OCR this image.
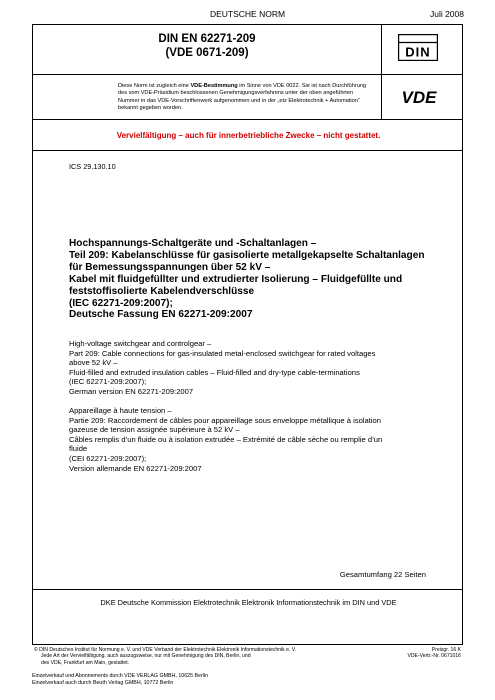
DEUTSCHE NORM	Juli 2008
DIN EN 62271-209
(VDE 0671-209)	DIN
VDE
Diese Norm ist zugleich eine VDE-Bestimmung im Sinne von VDE 0022. Sie ist nach Durchführung des vom VDE-Präsidium beschlossenen Genehmigungsverfahrens unter der oben angeführten Nummer in das VDE-Vorschriftenwerk aufgenommen und in der „etz Elektrotechnik + Automation“ bekannt gegeben worden.
Vervielfältigung – auch für innerbetriebliche Zwecke – nicht gestattet.
ICS 29.130.10
Hochspannungs-Schaltgeräte und -Schaltanlagen –
Teil 209: Kabelanschlüsse für gasisolierte metallgekapselte Schaltanlagen
für Bemessungsspannungen über 52 kV –
Kabel mit fluidgefüllter und extrudierter Isolierung – Fluidgefüllte und
feststoffisolierte Kabelendverschlüsse
(IEC 62271-209:2007);
Deutsche Fassung EN 62271-209:2007
High-voltage switchgear and controlgear –
Part 209: Cable connections for gas-insulated metal-enclosed switchgear for rated voltages
above 52 kV –
Fluid-filled and extruded insulation cables – Fluid-filled and dry-type cable-terminations
(IEC 62271-209:2007);
German version EN 62271-209:2007
Appareillage à haute tension –
Partie 209: Raccordement de câbles pour appareillage sous enveloppe métallique à isolation
gazeuse de tension assignée supérieure à 52 kV –
Câbles remplis d’un fluide ou à isolation extrudée – Extrémité de câble sèche ou remplie d’un
fluide
(CEI 62271-209:2007);
Version allemande EN 62271-209:2007
Gesamtumfang 22 Seiten
DKE Deutsche Kommission Elektrotechnik Elektronik Informationstechnik im DIN und VDE
© DIN Deutsches Institut für Normung e. V. und VDE Verband der Elektrotechnik Elektronik Informationstechnik e. V.
Jede Art der Vervielfältigung, auch auszugsweise, nur mit Genehmigung des DIN, Berlin, und
des VDE, Frankfurt am Main, gestattet.
Preisgr. 16 K
VDE-Vertr.-Nr. 0671016
Einzelverkauf und Abonnements durch VDE VERLAG GMBH, 10625 Berlin
Einzelverkauf auch durch Beuth Verlag GMBH, 10772 Berlin
